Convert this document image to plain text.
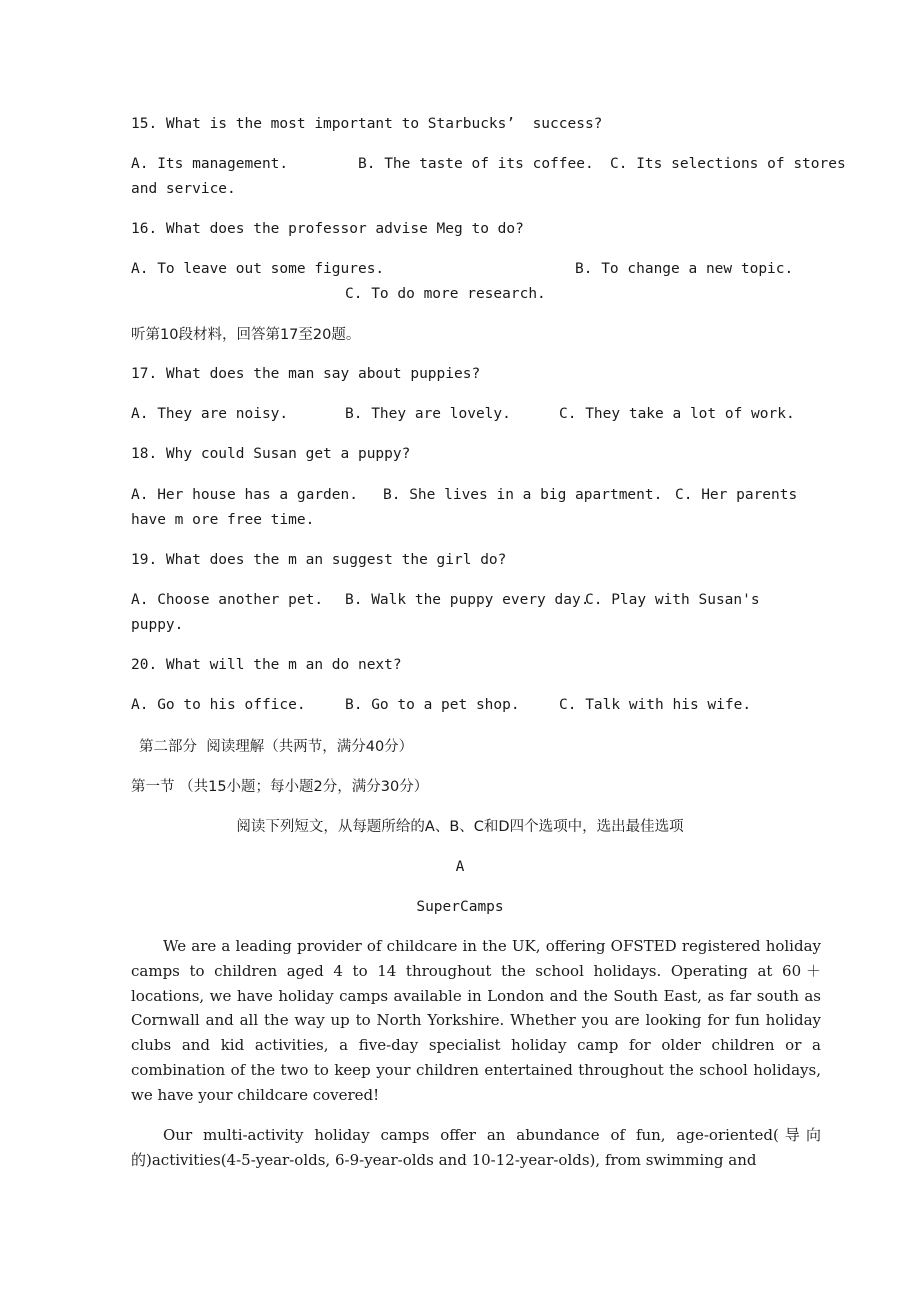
15. What is the most important to Starbucks’  success?
A. Its management.	B. The taste of its coffee. C. Its selections of stores
and service.
16. What does the professor advise Meg to do?
A. To leave out some figures.	B. To change a new topic.
C. To do more research.
听第10段材料，回答第17至20题。
17. What does the man say about puppies?
A. They are noisy.	B. They are lovely.	C. They take a lot of work.
18. Why could Susan get a puppy?
A. Her house has a garden. B. She lives in a big apartment. C. Her parents
have m ore free time.
19. What does the m an suggest the girl do?
A. Choose another pet. B. Walk the puppy every day.
C. Play with Susan's
puppy.
20. What will the m an do next?
A. Go to his office.	B. Go to a pet shop.	C. Talk with his wife.
第二部分  阅读理解（共两节，满分40分）
第一节 （共15小题；每小题2分，满分30分）
阅读下列短文，从每题所给的A、B、C和D四个选项中，选出最佳选项
A
SuperCamps
We are a leading provider of childcare in the UK, offering OFSTED registered holiday camps to children aged 4 to 14 throughout the school holidays. Operating at 60＋ locations, we have holiday camps available in London and the South East, as far south as Cornwall and all the way up to North Yorkshire. Whether you are looking for fun holiday clubs and kid activities, a five-day specialist holiday camp for older children or a combination of the two to keep your children entertained throughout the school holidays, we have your childcare covered!
Our multi-activity holiday camps offer an abundance of fun, age-oriented(导向的)activities(4-5-year-olds, 6-9-year-olds and 10-12-year-olds), from swimming and
